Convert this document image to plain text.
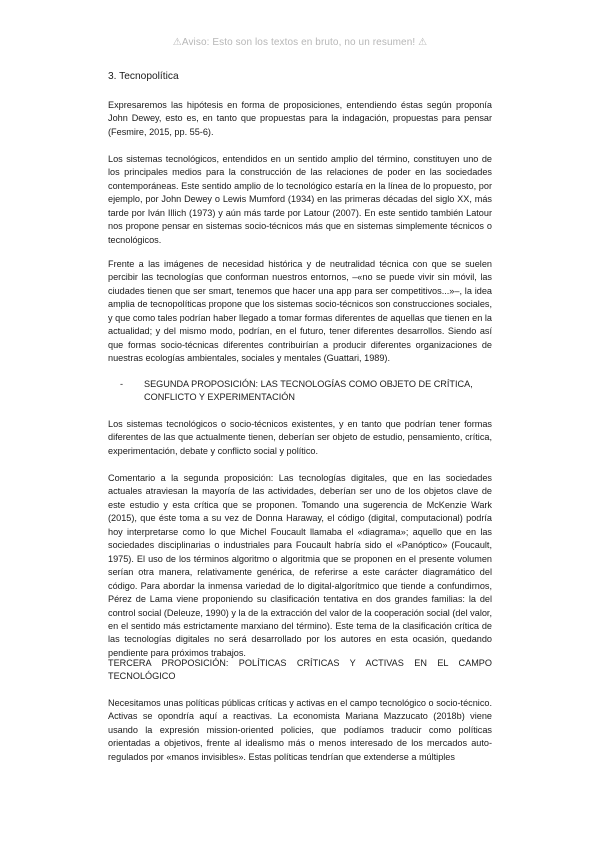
⚠Aviso: Esto son los textos en bruto, no un resumen! ⚠
3. Tecnopolítica

Expresaremos las hipótesis en forma de proposiciones, entendiendo éstas según proponía John Dewey, esto es, en tanto que propuestas para la indagación, propuestas para pensar (Fesmire, 2015, pp. 55-6).

Los sistemas tecnológicos, entendidos en un sentido amplio del término, constituyen uno de los principales medios para la construcción de las relaciones de poder en las sociedades contemporáneas. Este sentido amplio de lo tecnológico estaría en la línea de lo propuesto, por ejemplo, por John Dewey o Lewis Mumford (1934) en las primeras décadas del siglo XX, más tarde por Iván Illich (1973) y aún más tarde por Latour (2007). En este sentido también Latour nos propone pensar en sistemas socio-técnicos más que en sistemas simplemente técnicos o tecnológicos.

Frente a las imágenes de necesidad histórica y de neutralidad técnica con que se suelen percibir las tecnologías que conforman nuestros entornos, –«no se puede vivir sin móvil, las ciudades tienen que ser smart, tenemos que hacer una app para ser competitivos...»–, la idea amplia de tecnopolíticas propone que los sistemas socio-técnicos son construcciones sociales, y que como tales podrían haber llegado a tomar formas diferentes de aquellas que tienen en la actualidad; y del mismo modo, podrían, en el futuro, tener diferentes desarrollos. Siendo así que formas socio-técnicas diferentes contribuirían a producir diferentes organizaciones de nuestras ecologías ambientales, sociales y mentales (Guattari, 1989).

- SEGUNDA PROPOSICIÓN: LAS TECNOLOGÍAS COMO OBJETO DE CRÍTICA, CONFLICTO Y EXPERIMENTACIÓN

Los sistemas tecnológicos o socio-técnicos existentes, y en tanto que podrían tener formas diferentes de las que actualmente tienen, deberían ser objeto de estudio, pensamiento, crítica, experimentación, debate y conflicto social y político.

Comentario a la segunda proposición: Las tecnologías digitales, que en las sociedades actuales atraviesan la mayoría de las actividades, deberían ser uno de los objetos clave de este estudio y esta crítica que se proponen. Tomando una sugerencia de McKenzie Wark (2015), que éste toma a su vez de Donna Haraway, el código (digital, computacional) podría hoy interpretarse como lo que Michel Foucault llamaba el «diagrama»; aquello que en las sociedades disciplinarias o industriales para Foucault habría sido el «Panóptico» (Foucault, 1975). El uso de los términos algoritmo o algoritmia que se proponen en el presente volumen serían otra manera, relativamente genérica, de referirse a este carácter diagramático del código. Para abordar la inmensa variedad de lo digital-algorítmico que tiende a confundirnos, Pérez de Lama viene proponiendo su clasificación tentativa en dos grandes familias: la del control social (Deleuze, 1990) y la de la extracción del valor de la cooperación social (del valor, en el sentido más estrictamente marxiano del término). Este tema de la clasificación crítica de las tecnologías digitales no será desarrollado por los autores en esta ocasión, quedando pendiente para próximos trabajos.

TERCERA PROPOSICIÓN: POLÍTICAS CRÍTICAS Y ACTIVAS EN EL CAMPO TECNOLÓGICO

Necesitamos unas políticas públicas críticas y activas en el campo tecnológico o socio-técnico. Activas se opondría aquí a reactivas. La economista Mariana Mazzucato (2018b) viene usando la expresión mission-oriented policies, que podíamos traducir como políticas orientadas a objetivos, frente al idealismo más o menos interesado de los mercados auto-regulados por «manos invisibles». Estas políticas tendrían que extenderse a múltiples
